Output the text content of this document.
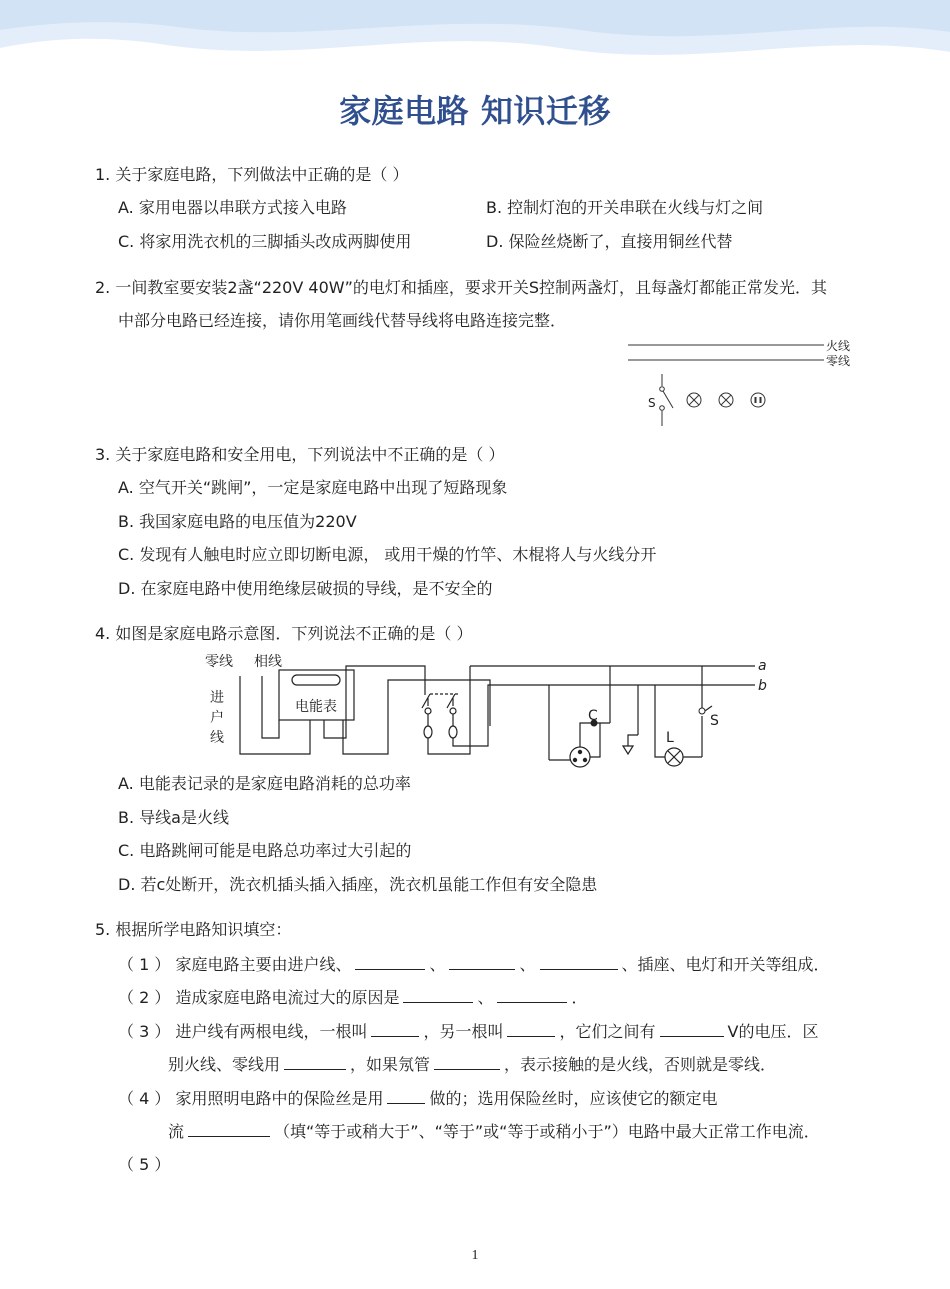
家庭电路 知识迁移
1. 关于家庭电路，下列做法中正确的是（ ）
A. 家用电器以串联方式接入电路	B. 控制灯泡的开关串联在火线与灯之间
C. 将家用洗衣机的三脚插头改成两脚使用	D. 保险丝烧断了，直接用铜丝代替
2. 一间教室要安装2盏“220V 40W”的电灯和插座，要求开关S控制两盏灯，且每盏灯都能正常发光．其
中部分电路已经连接，请你用笔画线代替导线将电路连接完整．
火线
零线
S
3. 关于家庭电路和安全用电，下列说法中不正确的是（ ）
A. 空气开关“跳闸”，一定是家庭电路中出现了短路现象
B. 我国家庭电路的电压值为220V
C. 发现有人触电时应立即切断电源， 或用干燥的竹竿、木棍将人与火线分开
D. 在家庭电路中使用绝缘层破损的导线，是不安全的
4. 如图是家庭电路示意图．下列说法不正确的是（ ）
零线 相线
进
户
线
电能表
a
b
C
L
S
A. 电能表记录的是家庭电路消耗的总功率
B. 导线a是火线
C. 电路跳闸可能是电路总功率过大引起的
D. 若c处断开，洗衣机插头插入插座，洗衣机虽能工作但有安全隐患
5. 根据所学电路知识填空：
（ 1 ） 家庭电路主要由进户线、	、	、	、插座、电灯和开关等组成．
（ 2 ） 造成家庭电路电流过大的原因是	、	．
（ 3 ） 进户线有两根电线，一根叫	，另一根叫	，它们之间有	V的电压．区
别火线、零线用	，如果氖管	，表示接触的是火线，否则就是零线．
（ 4 ） 家用照明电路中的保险丝是用	做的；选用保险丝时，应该使它的额定电
流	（填“等于或稍大于”、“等于”或“等于或稍小于”）电路中最大正常工作电流．
（ 5 ）
1
